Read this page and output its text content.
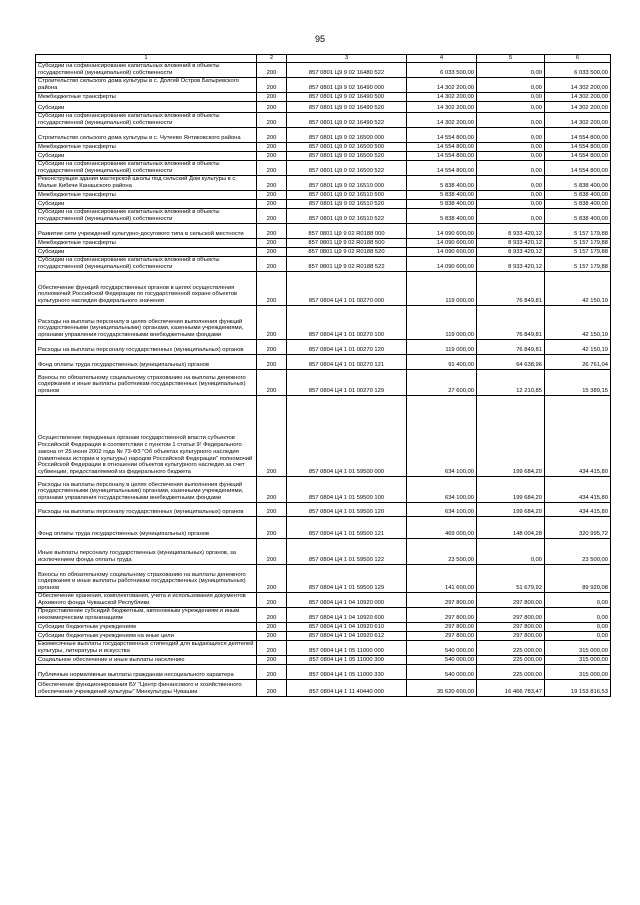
95
1	2	3	4	5	6
Субсидии на софинансирование капитальных вложений в объекты государственной (муниципальной) собственности	200	857 0801 Ц9 9 02 16480 522	6 033 500,00	0,00	6 033 500,00
Строительство сельского дома культуры в с. Долгий Остров Батыревского района	200	857 0801 Ц9 9 02 16490 000	14 302 200,00	0,00	14 302 200,00
Межбюджетные трансферты	200	857 0801 Ц9 9 02 16490 500	14 302 200,00	0,00	14 302 200,00
Субсидии	200	857 0801 Ц9 9 02 16490 520	14 302 200,00	0,00	14 302 200,00
Субсидии на софинансирование капитальных вложений в объекты государственной (муниципальной) собственности	200	857 0801 Ц9 9 02 16490 522	14 302 200,00	0,00	14 302 200,00
Строительство сельского дома культуры в с. Чутеево Янтиковского района	200	857 0801 Ц9 9 02 16500 000	14 554 800,00	0,00	14 554 800,00
Межбюджетные трансферты	200	857 0801 Ц9 9 02 16500 500	14 554 800,00	0,00	14 554 800,00
Субсидии	200	857 0801 Ц9 9 02 16500 520	14 554 800,00	0,00	14 554 800,00
Субсидии на софинансирование капитальных вложений в объекты государственной (муниципальной) собственности	200	857 0801 Ц9 9 02 16500 522	14 554 800,00	0,00	14 554 800,00
Реконструкция здания мастерской школы под сельский Дом культуры в с. Малые Кибечи Канашского района	200	857 0801 Ц9 9 02 16510 000	5 838 400,00	0,00	5 838 400,00
Межбюджетные трансферты	200	857 0801 Ц9 9 02 16510 500	5 838 400,00	0,00	5 838 400,00
Субсидии	200	857 0801 Ц9 9 02 16510 520	5 838 400,00	0,00	5 838 400,00
Субсидии на софинансирование капитальных вложений в объекты государственной (муниципальной) собственности	200	857 0801 Ц9 9 02 16510 522	5 838 400,00	0,00	5 838 400,00
Развитие сети учреждений культурно-досугового типа в сельской местности	200	857 0801 Ц9 9 02 R0188 000	14 090 600,00	8 933 420,12	5 157 179,88
Межбюджетные трансферты	200	857 0801 Ц9 9 02 R0188 500	14 090 600,00	8 933 420,12	5 157 179,88
Субсидии	200	857 0801 Ц9 9 02 R0188 520	14 090 600,00	8 933 420,12	5 157 179,88
Субсидии на софинансирование капитальных вложений в объекты государственной (муниципальной) собственности	200	857 0801 Ц9 9 02 R0188 522	14 090 600,00	8 933 420,12	5 157 179,88
Обеспечение функций государственных органов в целях осуществления полномочий Российской Федерации по государственной охране объектов культурного наследия федерального значения	200	857 0804 Ц4 1 01 00270 000	119 000,00	76 849,81	42 150,19
Расходы на выплаты персоналу в целях обеспечения выполнения функций государственными (муниципальными) органами, казенными учреждениями, органами управления государственными внебюджетными фондами	200	857 0804 Ц4 1 01 00270 100	119 000,00	76 849,81	42 150,19
Расходы на выплаты персоналу государственных (муниципальных) органов	200	857 0804 Ц4 1 01 00270 120	119 000,00	76 849,81	42 150,19
Фонд оплаты труда государственных (муниципальных) органов	200	857 0804 Ц4 1 01 00270 121	91 400,00	64 638,96	26 761,04
Взносы по обязательному социальному страхованию на выплаты денежного содержания и иные выплаты работникам государственных (муниципальных) органов	200	857 0804 Ц4 1 01 00270 129	27 600,00	12 210,85	15 389,15
Осуществление переданных органам государственной власти субъектов Российской Федерации в соответствии с пунктом 1 статьи 9¹ Федерального закона от 25 июня 2002 года № 73-ФЗ "Об объектах культурного наследия (памятниках истории и культуры) народов Российской Федерации" полномочий Российской Федерации в отношении объектов культурного наследия за счет субвенции, предоставляемой из федерального бюджета	200	857 0804 Ц4 1 01 59500 000	634 100,00	199 684,20	434 415,80
Расходы на выплаты персоналу в целях обеспечения выполнения функций государственными (муниципальными) органами, казенными учреждениями, органами управления государственными внебюджетными фондами	200	857 0804 Ц4 1 01 59500 100	634 100,00	199 684,20	434 415,80
Расходы на выплаты персоналу государственных (муниципальных) органов	200	857 0804 Ц4 1 01 59500 120	634 100,00	199 684,20	434 415,80
Фонд оплаты труда государственных (муниципальных) органов	200	857 0804 Ц4 1 01 59500 121	469 000,00	148 004,28	320 995,72
Иные выплаты персоналу государственных (муниципальных) органов, за исключением фонда оплаты труда	200	857 0804 Ц4 1 01 59500 122	23 500,00	0,00	23 500,00
Взносы по обязательному социальному страхованию на выплаты денежного содержания и иные выплаты работникам государственных (муниципальных) органов	200	857 0804 Ц4 1 01 59500 129	141 600,00	51 679,92	89 920,08
Обеспечение хранения, комплектования, учета и использования документов Архивного фонда Чувашской Республики	200	857 0804 Ц4 1 04 10920 000	297 800,00	297 800,00	0,00
Предоставление субсидий бюджетным, автономным учреждениям и иным некоммерческим организациям	200	857 0804 Ц4 1 04 10920 600	297 800,00	297 800,00	0,00
Субсидии бюджетным учреждениям	200	857 0804 Ц4 1 04 10920 610	297 800,00	297 800,00	0,00
Субсидии бюджетным учреждениям на иные цели	200	857 0804 Ц4 1 04 10920 612	297 800,00	297 800,00	0,00
Ежемесячные выплаты государственных стипендий для выдающихся деятелей культуры, литературы и искусства	200	857 0804 Ц4 1 05 11000 000	540 000,00	225 000,00	315 000,00
Социальное обеспечение и иные выплаты населению	200	857 0804 Ц4 1 05 11000 300	540 000,00	225 000,00	315 000,00
Публичные нормативные выплаты гражданам несоциального характера	200	857 0804 Ц4 1 05 11000 330	540 000,00	225 000,00	315 000,00
Обеспечение функционирования БУ "Центр финансового и хозяйственного обеспечения учреждений культуры" Минкультуры Чувашии	200	857 0804 Ц4 1 11 40440 000	35 620 600,00	16 466 783,47	19 153 816,53
